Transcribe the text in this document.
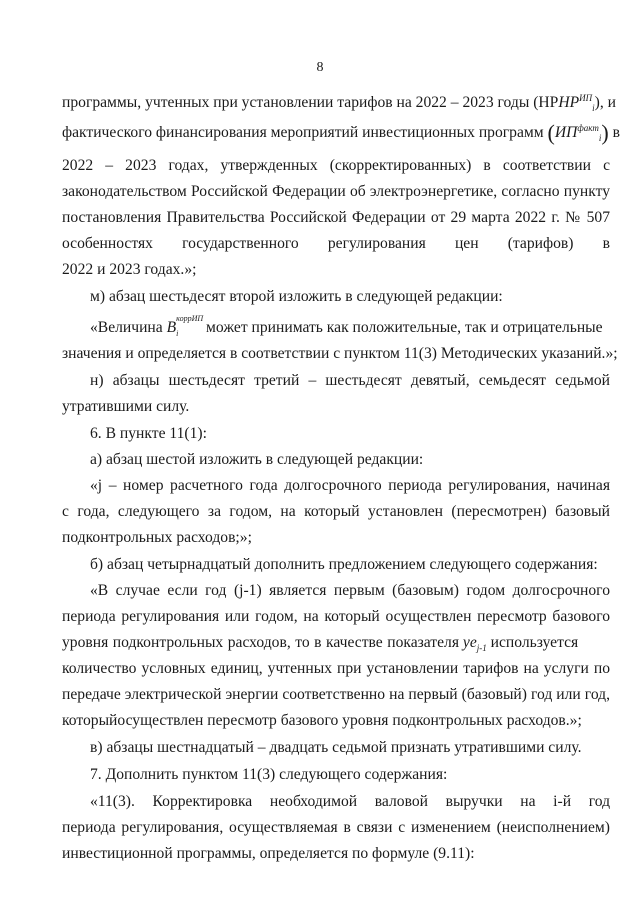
8
программы, учтенных при установлении тарифов на 2022 – 2023 годы $(НРНР^{ИП}_i)$, и
фактического финансирования мероприятий инвестиционных программ $(ИП^{факт}_i)$ в
2022 – 2023 годах, утвержденных (скорректированных) в соответствии с
законодательством Российской Федерации об электроэнергетике, согласно пункту
постановления Правительства Российской Федерации от 29 марта 2022 г. № 507
особенностях государственного регулирования цен (тарифов) в
2022 и 2023 годах.»;
м) абзац шестьдесят второй изложить в следующей редакции:
«Величина B
коррИП
i может принимать как положительные, так и отрицательные
значения и определяется в соответствии с пунктом 11(3) Методических указаний.»;
н) абзацы шестьдесят третий – шестьдесят девятый, семьдесят седьмой
утратившими силу.
6. В пункте 11(1):
а) абзац шестой изложить в следующей редакции:
«j – номер расчетного года долгосрочного периода регулирования, начиная
с года, следующего за годом, на который установлен (пересмотрен) базовый
подконтрольных расходов;»;
б) абзац четырнадцатый дополнить предложением следующего содержания:
«В случае если год (j-1) является первым (базовым) годом долгосрочного
периода регулирования или годом, на который осуществлен пересмотр базового
уровня подконтрольных расходов, то в качестве показателя $уе_{j-1}$ используется
количество условных единиц, учтенных при установлении тарифов на услуги по
передаче электрической энергии соответственно на первый (базовый) год или год,
которыйосуществлен пересмотр базового уровня подконтрольных расходов.»;
в) абзацы шестнадцатый – двадцать седьмой признать утратившими силу.
7. Дополнить пунктом 11(3) следующего содержания:
«11(3). Корректировка необходимой валовой выручки на i-й год
периода регулирования, осуществляемая в связи с изменением (неисполнением)
инвестиционной программы, определяется по формуле (9.11):
